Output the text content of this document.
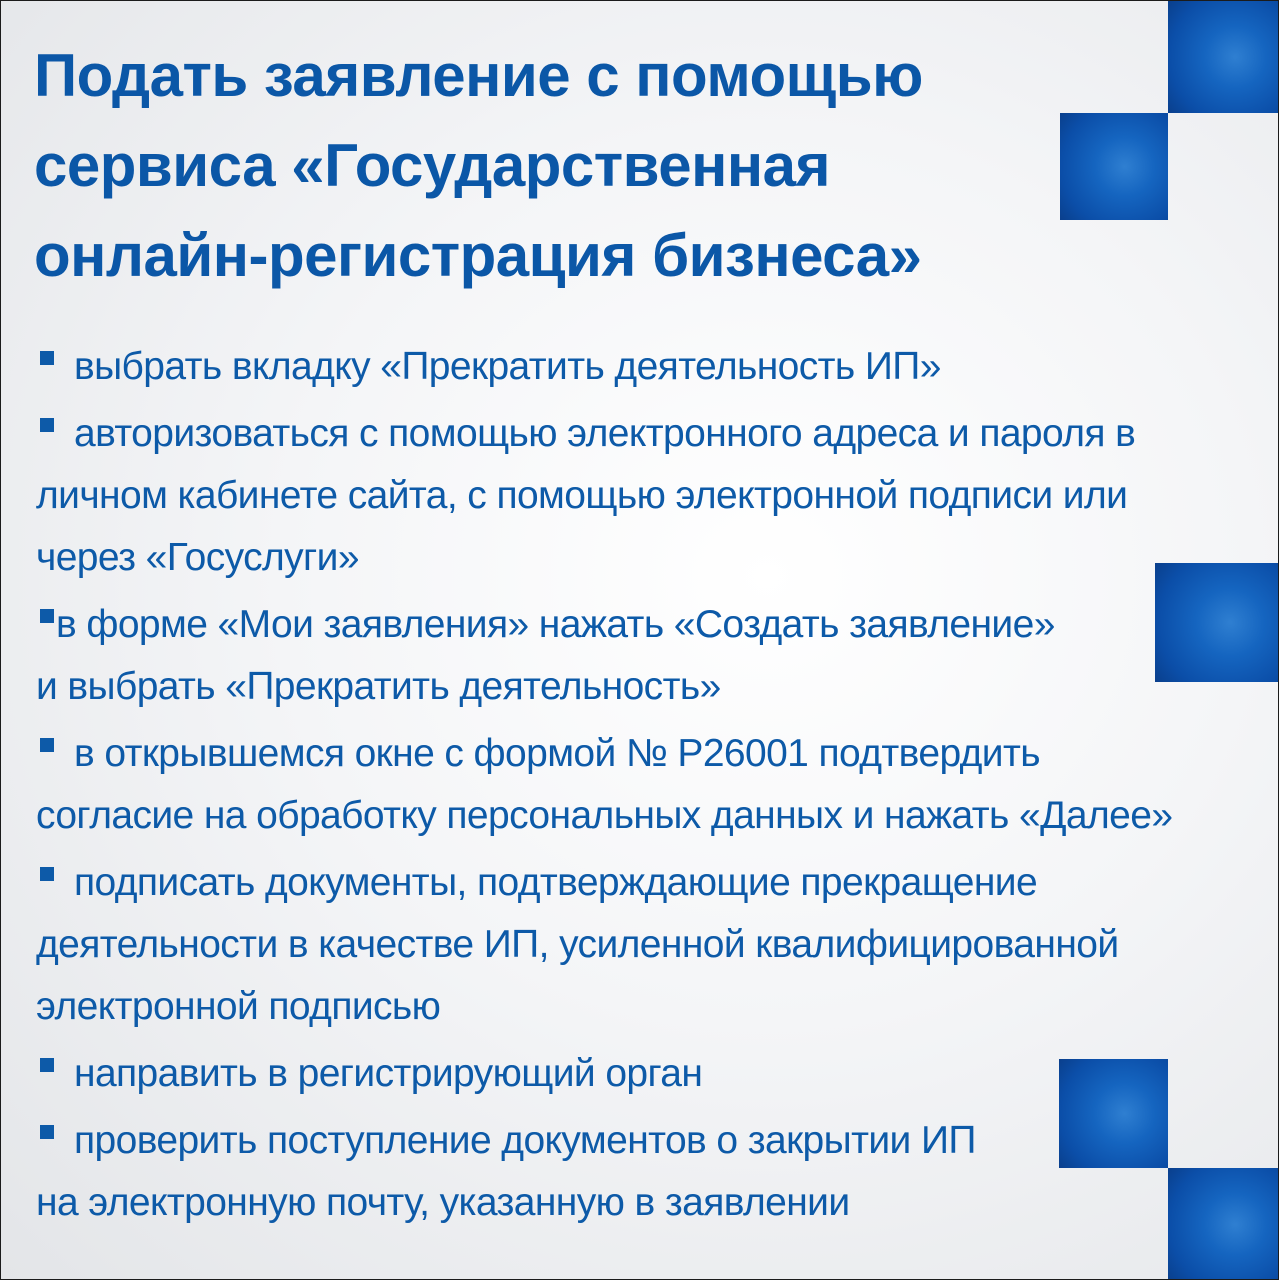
Подать заявление с помощью
сервиса «Государственная
онлайн-регистрация бизнеса»
выбрать вкладку «Прекратить деятельность ИП»
авторизоваться с помощью электронного адреса и пароля в
личном кабинете сайта, с помощью электронной подписи или
через «Госуслуги»
в форме «Мои заявления» нажать «Создать заявление»
и выбрать «Прекратить деятельность»
в открывшемся окне с формой № Р26001 подтвердить
согласие на обработку персональных данных и нажать «Далее»
подписать документы, подтверждающие прекращение
деятельности в качестве ИП, усиленной квалифицированной
электронной подписью
направить в регистрирующий орган
проверить поступление документов о закрытии ИП
на электронную почту, указанную в заявлении
